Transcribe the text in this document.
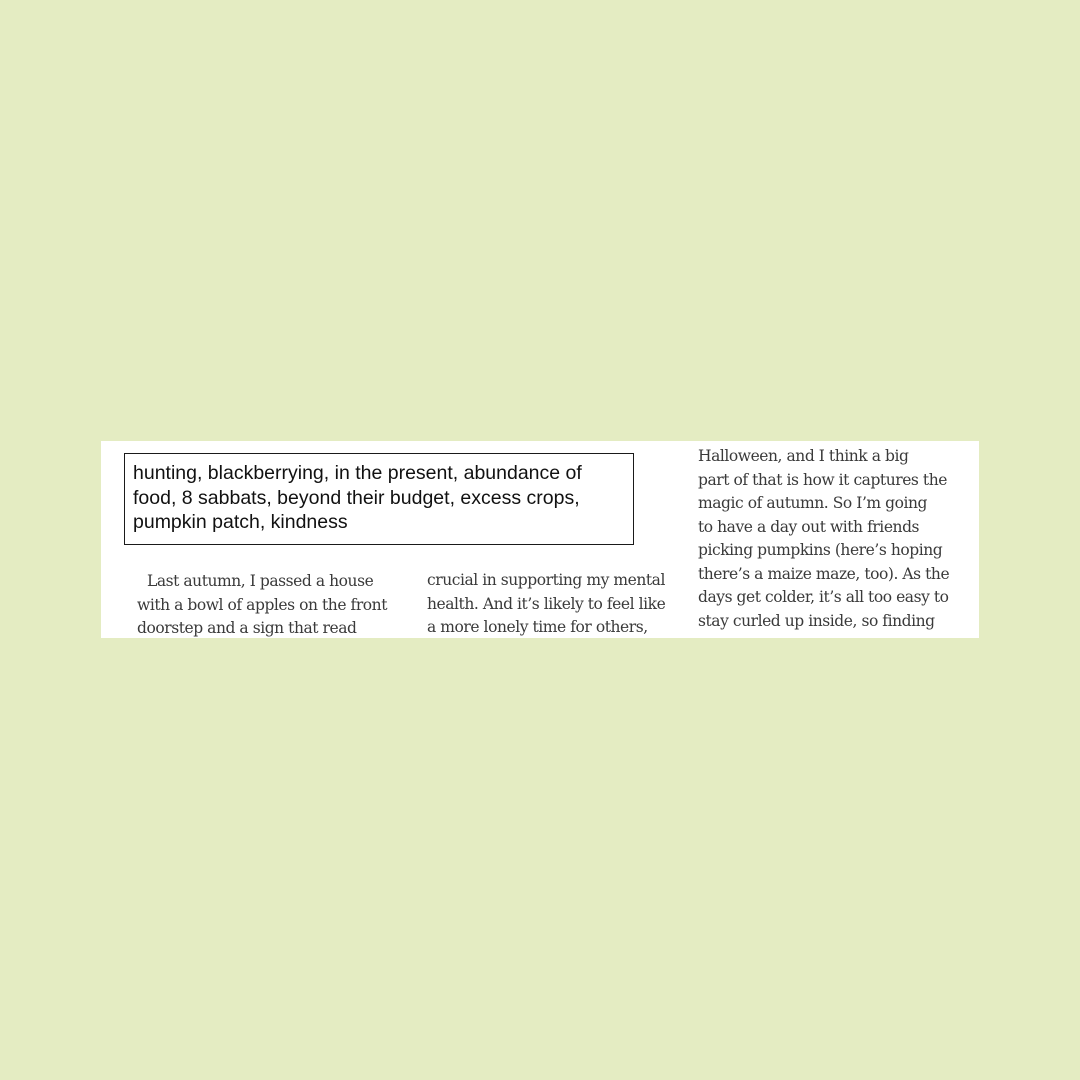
hunting, blackberrying, in the present, abundance of
food, 8 sabbats, beyond their budget, excess crops,
pumpkin patch, kindness
Last autumn, I passed a house
with a bowl of apples on the front
doorstep and a sign that read
crucial in supporting my mental
health. And it’s likely to feel like
a more lonely time for others,
Halloween, and I think a big
part of that is how it captures the
magic of autumn. So I’m going
to have a day out with friends
picking pumpkins (here’s hoping
there’s a maize maze, too). As the
days get colder, it’s all too easy to
stay curled up inside, so finding
